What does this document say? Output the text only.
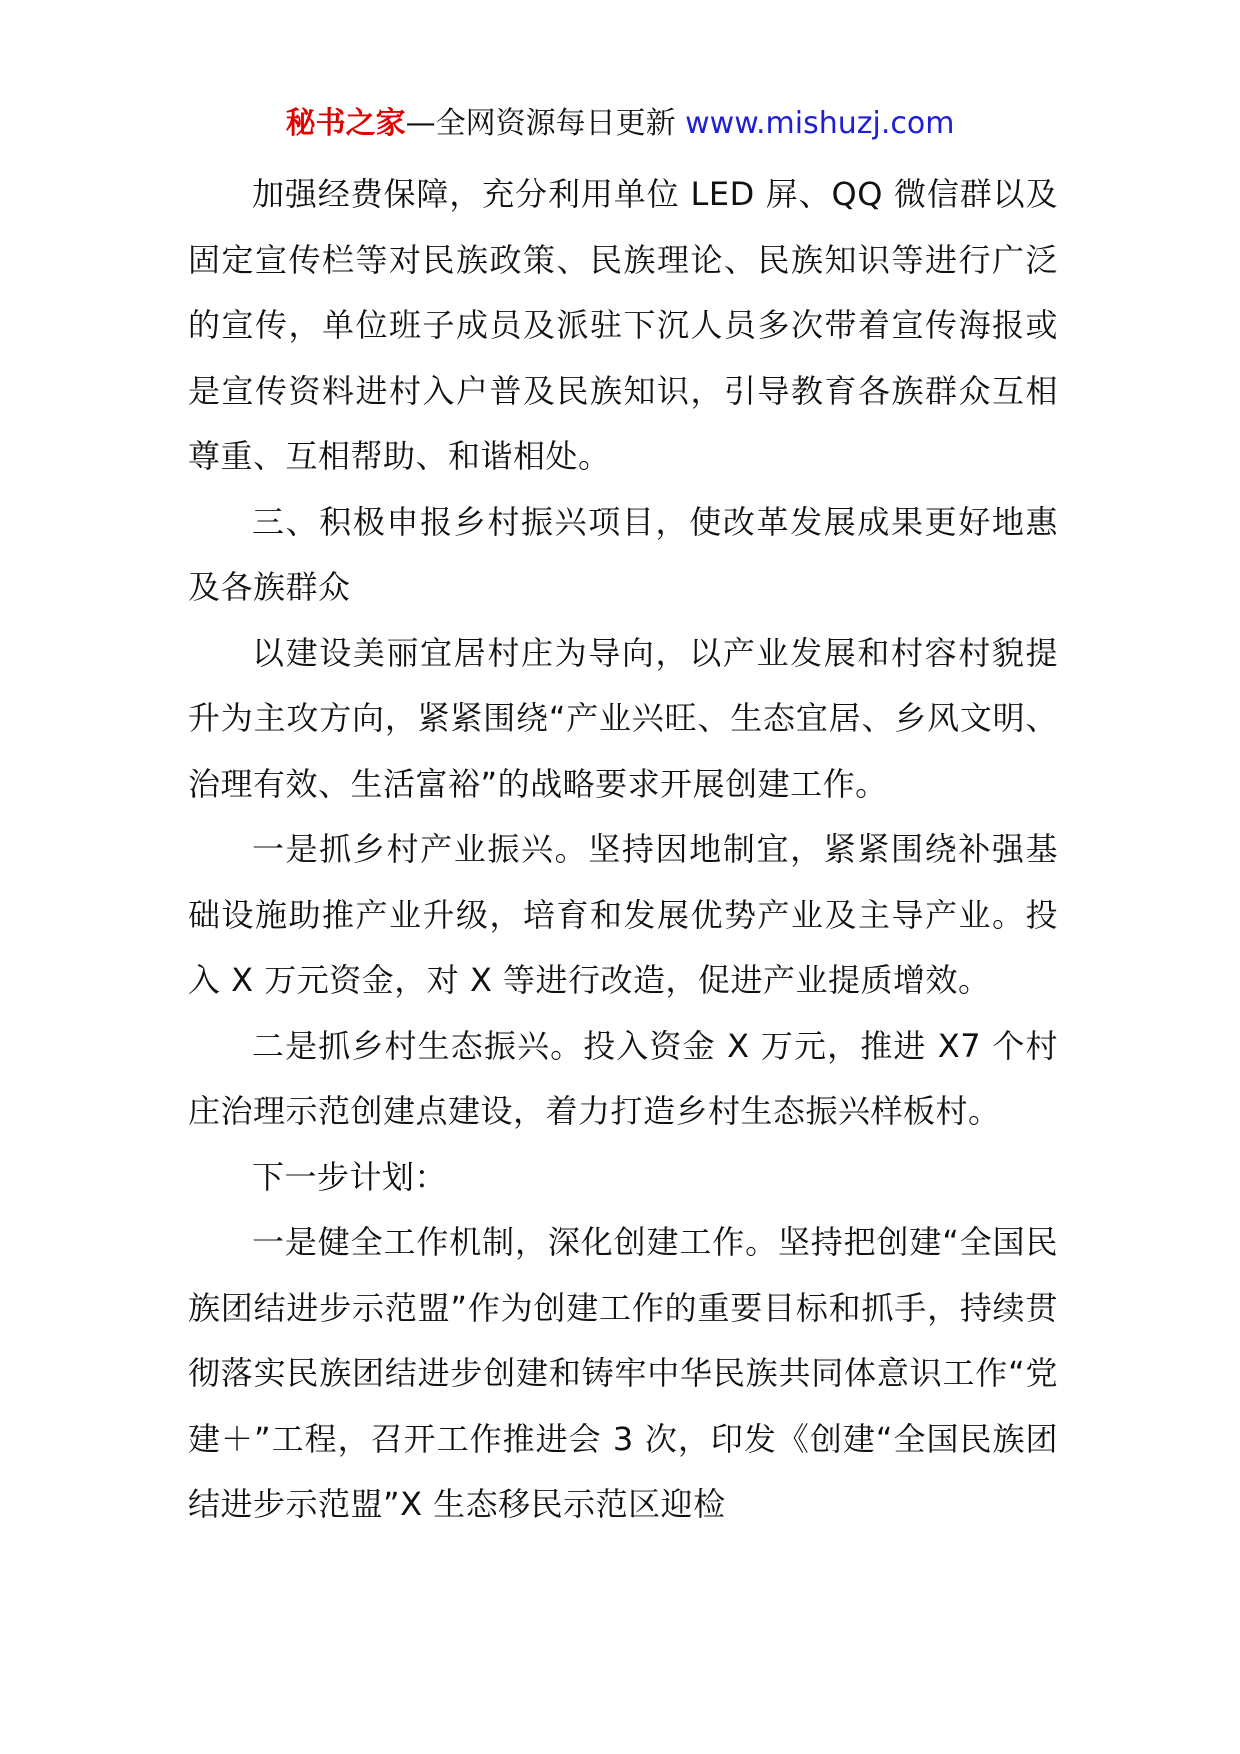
秘书之家—全网资源每日更新 www.mishuzj.com

加强经费保障，充分利用单位 LED 屏、QQ 微信群以及固定宣传栏等对民族政策、民族理论、民族知识等进行广泛的宣传，单位班子成员及派驻下沉人员多次带着宣传海报或是宣传资料进村入户普及民族知识，引导教育各族群众互相尊重、互相帮助、和谐相处。

三、积极申报乡村振兴项目，使改革发展成果更好地惠及各族群众

以建设美丽宜居村庄为导向，以产业发展和村容村貌提升为主攻方向，紧紧围绕“产业兴旺、生态宜居、乡风文明、治理有效、生活富裕”的战略要求开展创建工作。

一是抓乡村产业振兴。坚持因地制宜，紧紧围绕补强基础设施助推产业升级，培育和发展优势产业及主导产业。投入 X 万元资金，对 X 等进行改造，促进产业提质增效。

二是抓乡村生态振兴。投入资金 X 万元，推进 X7 个村庄治理示范创建点建设，着力打造乡村生态振兴样板村。

下一步计划：

一是健全工作机制，深化创建工作。坚持把创建“全国民族团结进步示范盟”作为创建工作的重要目标和抓手，持续贯彻落实民族团结进步创建和铸牢中华民族共同体意识工作“党建＋”工程，召开工作推进会 3 次，印发《创建“全国民族团结进步示范盟”X 生态移民示范区迎检
